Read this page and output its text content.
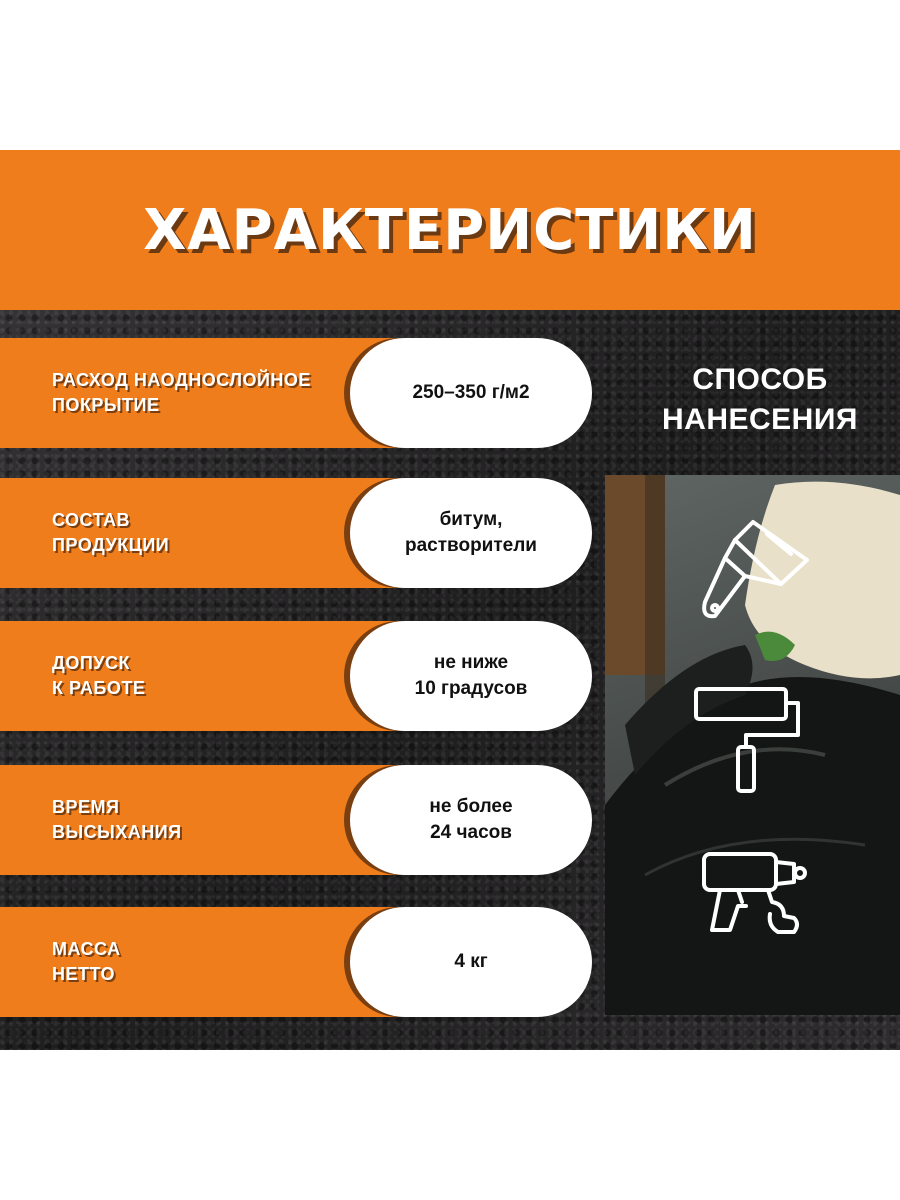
ХАРАКТЕРИСТИКИ
РАСХОД НАОДНОСЛОЙНОЕ
ПОКРЫТИЕ
250–350 г/м2
СОСТАВ
ПРОДУКЦИИ
битум,
растворители
ДОПУСК
К РАБОТЕ
не ниже
10 градусов
ВРЕМЯ
ВЫСЫХАНИЯ
не более
24 часов
МАССА
НЕТТО
4 кг
СПОСОБ
НАНЕСЕНИЯ
